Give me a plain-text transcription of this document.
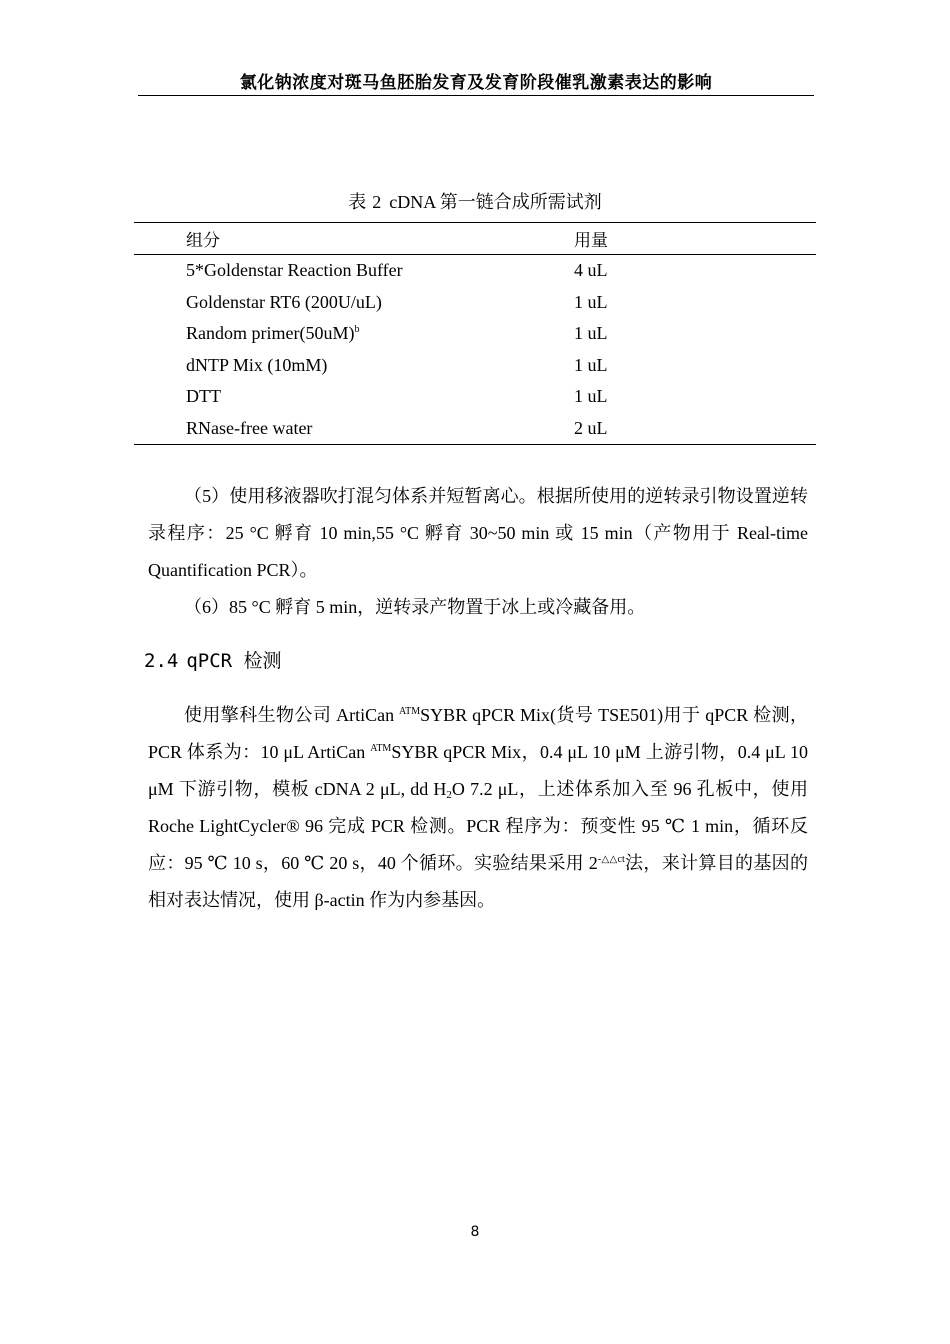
氯化钠浓度对斑马鱼胚胎发育及发育阶段催乳激素表达的影响
表 2 cDNA 第一链合成所需试剂
组分	用量
5*Goldenstar Reaction Buffer	4 uL
Goldenstar RT6 (200U/uL)	1 uL
Random $primer(50uM)^b$	1 uL
dNTP Mix (10mM)	1 uL
DTT	1 uL
RNase-free water	2 uL
（5）使用移液器吹打混匀体系并短暂离心。根据所使用的逆转录引物设置逆转录程序：25 °C 孵育 10 min,55 °C 孵育 30~50 min 或 15 min（产物用于 Real-time Quantification PCR）。
（6）85 °C 孵育 5 min，逆转录产物置于冰上或冷藏备用。
2.4 qPCR 检测
使用擎科生物公司 ArtiCan $^{ATM}$SYBR qPCR Mix(货号 TSE501)用于 qPCR 检测，PCR 体系为：10 μL ArtiCan $^{ATM}$SYBR qPCR Mix，0.4 μL 10 μM 上游引物，0.4 μL 10 μM 下游引物，模板 cDNA 2 μL, dd $H_2O$ 7.2 μL，上述体系加入至 96 孔板中，使用 Roche LightCycler® 96 完成 PCR 检测。PCR 程序为：预变性 95 ℃ 1 min，循环反应：95 ℃ 10 s，60 ℃ 20 s，40 个循环。实验结果采用 $2^{-\triangle\triangle ct}$法，来计算目的基因的相对表达情况，使用 β-actin 作为内参基因。
8
